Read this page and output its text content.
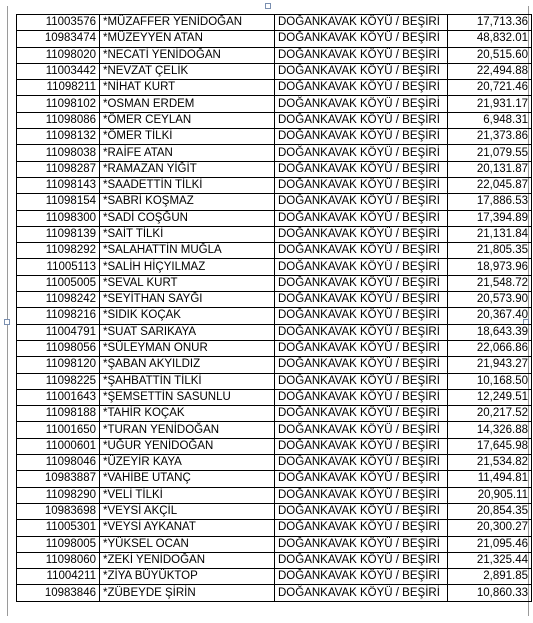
11003576	*MÜZAFFER YENİDOĞAN	DOĞANKAVAK KÖYÜ / BEŞİRİ	17,713.36
10983474	*MÜZEYYEN ATAN	DOĞANKAVAK KÖYÜ / BEŞİRİ	48,832.01
11098020	*NECATİ YENİDOĞAN	DOĞANKAVAK KÖYÜ / BEŞİRİ	20,515.60
11003442	*NEVZAT ÇELİK	DOĞANKAVAK KÖYÜ / BEŞİRİ	22,494.88
11098211	*NİHAT KURT	DOĞANKAVAK KÖYÜ / BEŞİRİ	20,721.46
11098102	*OSMAN ERDEM	DOĞANKAVAK KÖYÜ / BEŞİRİ	21,931.17
11098086	*ÖMER CEYLAN	DOĞANKAVAK KÖYÜ / BEŞİRİ	6,948.31
11098132	*ÖMER TİLKİ	DOĞANKAVAK KÖYÜ / BEŞİRİ	21,373.86
11098038	*RAİFE ATAN	DOĞANKAVAK KÖYÜ / BEŞİRİ	21,079.55
11098287	*RAMAZAN YİĞİT	DOĞANKAVAK KÖYÜ / BEŞİRİ	20,131.87
11098143	*SAADETTİN TİLKİ	DOĞANKAVAK KÖYÜ / BEŞİRİ	22,045.87
11098154	*SABRİ KOŞMAZ	DOĞANKAVAK KÖYÜ / BEŞİRİ	17,886.53
11098300	*SADİ COŞĞUN	DOĞANKAVAK KÖYÜ / BEŞİRİ	17,394.89
11098139	*SAİT TİLKİ	DOĞANKAVAK KÖYÜ / BEŞİRİ	21,131.84
11098292	*SALAHATTİN MUĞLA	DOĞANKAVAK KÖYÜ / BEŞİRİ	21,805.35
11005113	*SALİH HİÇYILMAZ	DOĞANKAVAK KÖYÜ / BEŞİRİ	18,973.96
11005005	*SEVAL KURT	DOĞANKAVAK KÖYÜ / BEŞİRİ	21,548.72
11098242	*SEYİTHAN SAYĞI	DOĞANKAVAK KÖYÜ / BEŞİRİ	20,573.90
11098216	*SIDIK KOÇAK	DOĞANKAVAK KÖYÜ / BEŞİRİ	20,367.40
11004791	*SUAT SARIKAYA	DOĞANKAVAK KÖYÜ / BEŞİRİ	18,643.39
11098056	*SÜLEYMAN ONUR	DOĞANKAVAK KÖYÜ / BEŞİRİ	22,066.86
11098120	*ŞABAN AKYILDIZ	DOĞANKAVAK KÖYÜ / BEŞİRİ	21,943.27
11098225	*ŞAHBATTİN TİLKİ	DOĞANKAVAK KÖYÜ / BEŞİRİ	10,168.50
11001643	*ŞEMSETTİN SASUNLU	DOĞANKAVAK KÖYÜ / BEŞİRİ	12,249.51
11098188	*TAHİR KOÇAK	DOĞANKAVAK KÖYÜ / BEŞİRİ	20,217.52
11001650	*TURAN YENİDOĞAN	DOĞANKAVAK KÖYÜ / BEŞİRİ	14,326.88
11000601	*UĞUR YENİDOĞAN	DOĞANKAVAK KÖYÜ / BEŞİRİ	17,645.98
11098046	*ÜZEYİR KAYA	DOĞANKAVAK KÖYÜ / BEŞİRİ	21,534.82
10983887	*VAHİBE UTANÇ	DOĞANKAVAK KÖYÜ / BEŞİRİ	11,494.81
11098290	*VELİ TİLKİ	DOĞANKAVAK KÖYÜ / BEŞİRİ	20,905.11
10983698	*VEYSİ AKÇİL	DOĞANKAVAK KÖYÜ / BEŞİRİ	20,854.35
11005301	*VEYSİ AYKANAT	DOĞANKAVAK KÖYÜ / BEŞİRİ	20,300.27
11098005	*YÜKSEL OCAN	DOĞANKAVAK KÖYÜ / BEŞİRİ	21,095.46
11098060	*ZEKİ YENİDOĞAN	DOĞANKAVAK KÖYÜ / BEŞİRİ	21,325.44
11004211	*ZİYA BÜYÜKTOP	DOĞANKAVAK KÖYÜ / BEŞİRİ	2,891.85
10983846	*ZÜBEYDE ŞİRİN	DOĞANKAVAK KÖYÜ / BEŞİRİ	10,860.33
